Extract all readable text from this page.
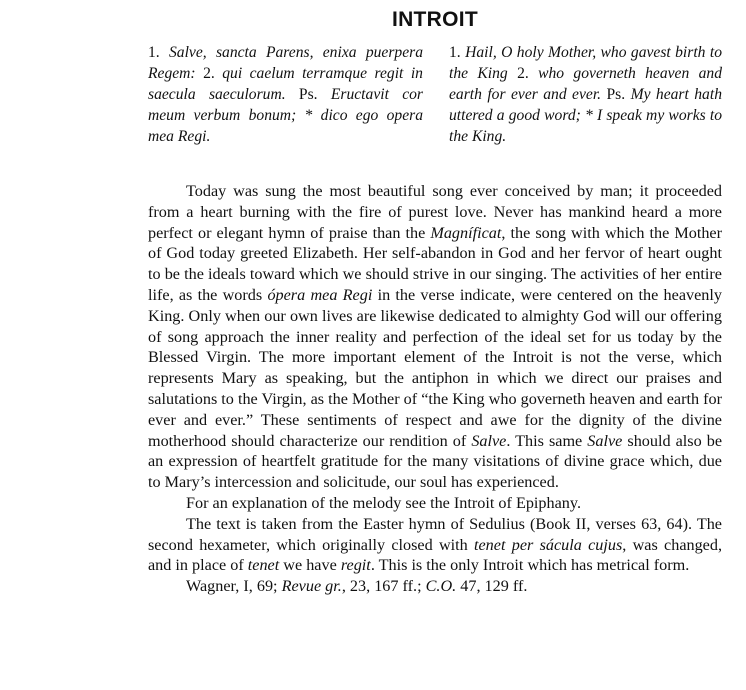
INTROIT

1. Salve, sancta Parens, enixa puerpera Regem: 2. qui caelum terramque regit in saecula saeculorum. Ps. Eructavit cor meum verbum bonum; * dico ego opera mea Regi.

1. Hail, O holy Mother, who gavest birth to the King 2. who governeth heaven and earth for ever and ever. Ps. My heart hath uttered a good word; * I speak my works to the King.

Today was sung the most beautiful song ever conceived by man; it proceeded from a heart burning with the fire of purest love. Never has mankind heard a more perfect or elegant hymn of praise than the Magníficat, the song with which the Mother of God today greeted Elizabeth. Her self-abandon in God and her fervor of heart ought to be the ideals toward which we should strive in our singing. The activities of her entire life, as the words ópera mea Regi in the verse indicate, were centered on the heavenly King. Only when our own lives are likewise dedicated to almighty God will our offering of song approach the inner reality and perfection of the ideal set for us today by the Blessed Virgin. The more important element of the Introit is not the verse, which represents Mary as speaking, but the antiphon in which we direct our praises and salutations to the Virgin, as the Mother of “the King who governeth heaven and earth for ever and ever.” These sentiments of respect and awe for the dignity of the divine motherhood should characterize our rendition of Salve. This same Salve should also be an expression of heartfelt gratitude for the many visitations of divine grace which, due to Mary’s intercession and solicitude, our soul has experienced.

For an explanation of the melody see the Introit of Epiphany.

The text is taken from the Easter hymn of Sedulius (Book II, verses 63, 64). The second hexameter, which originally closed with tenet per sácula cujus, was changed, and in place of tenet we have regit. This is the only Introit which has metrical form.

Wagner, I, 69; Revue gr., 23, 167 ff.; C.O. 47, 129 ff.
